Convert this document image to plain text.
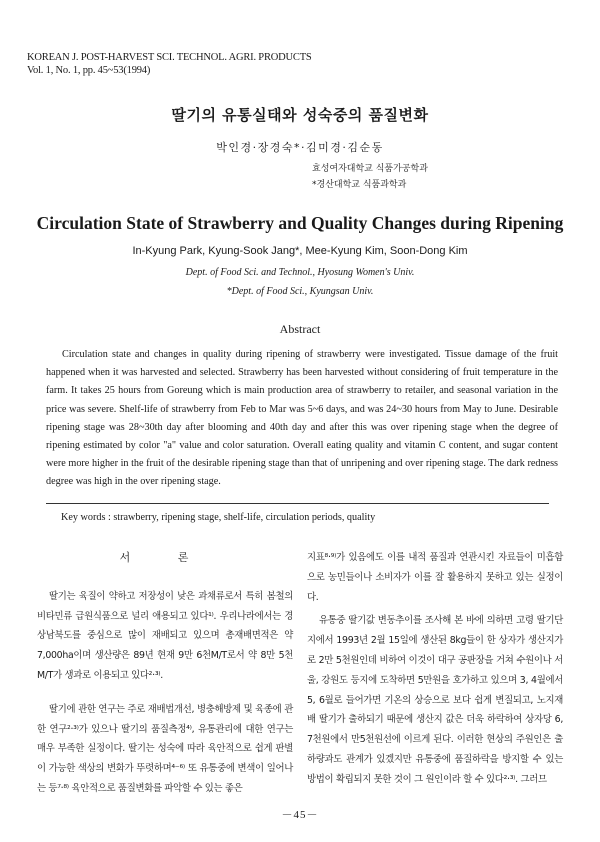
KOREAN J. POST-HARVEST SCI. TECHNOL. AGRI. PRODUCTS
Vol. 1, No. 1, pp. 45~53(1994)
딸기의 유통실태와 성숙중의 품질변화
박인경·장경숙*·김미경·김순동
효성여자대학교 식품가공학과
*경산대학교 식품과학과
Circulation State of Strawberry and Quality Changes during Ripening
In-Kyung Park, Kyung-Sook Jang*, Mee-Kyung Kim, Soon-Dong Kim
Dept. of Food Sci. and Technol., Hyosung Women's Univ.
*Dept. of Food Sci., Kyungsan Univ.
Abstract
Circulation state and changes in quality during ripening of strawberry were investigated. Tissue damage of the fruit happened when it was harvested and selected. Strawberry has been harvested without considering of fruit temperature in the farm. It takes 25 hours from Goreung which is main production area of strawberry to retailer, and seasonal variation in the price was severe. Shelf-life of strawberry from Feb to Mar was 5~6 days, and was 24~30 hours from May to June. Desirable ripening stage was 28~30th day after blooming and 40th day and after this was over ripening stage when the degree of ripening estimated by color "a" value and color saturation. Overall eating quality and vitamin C content, and sugar content were more higher in the fruit of the desirable ripening stage than that of unripening and over ripening stage. The dark redness degree was high in the over ripening stage.
Key words : strawberry, ripening stage, shelf-life, circulation periods, quality

서 론

딸기는 육질이 약하고 저장성이 낮은 과채류로서 특히 봄철의 비타민류 급원식품으로 널리 애용되고 있다¹⁾. 우리나라에서는 경상남북도를 중심으로 많이 재배되고 있으며 총재배면적은 약 7,000ha이며 생산량은 89년 현재 9만 6천M/T로서 약 8만 5천 M/T가 생과로 이용되고 있다²·³⁾.

딸기에 관한 연구는 주로 재배법개선, 병충해방제 및 육종에 관한 연구²·³⁾가 있으나 딸기의 품질측정⁴⁾, 유통관리에 대한 연구는 매우 부족한 실정이다. 딸기는 성숙에 따라 육안적으로 쉽게 판별이 가능한 색상의 변화가 뚜렷하며⁴⁻⁶⁾ 또 유통중에 변색이 일어나는 등⁷·⁸⁾ 육안적으로 품질변화를 파악할 수 있는 좋은

지표⁸·⁹⁾가 있음에도 이를 내적 품질과 연관시킨 자료들이 미흡함으로 농민들이나 소비자가 이를 잘 활용하지 못하고 있는 실정이다.

유통중 딸기값 변동추이를 조사해 본 바에 의하면 고령 딸기단지에서 1993년 2월 15일에 생산된 8kg들이 한 상자가 생산지가로 2만 5천원인데 비하여 이것이 대구 공판장을 거쳐 수원이나 서울, 강원도 등지에 도착하면 5만원을 호가하고 있으며 3, 4월에서 5, 6월로 들어가면 기온의 상승으로 보다 쉽게 변질되고, 노지재배 딸기가 출하되기 때문에 생산지 값은 더욱 하락하여 상자당 6, 7천원에서 만5천원선에 이르게 된다. 이러한 현상의 주원인은 출하량과도 관계가 있겠지만 유통중에 품질하락을 방지할 수 있는 방법이 확립되지 못한 것이 그 원인이라 할 수 있다²·³⁾. 그러므

－45－
